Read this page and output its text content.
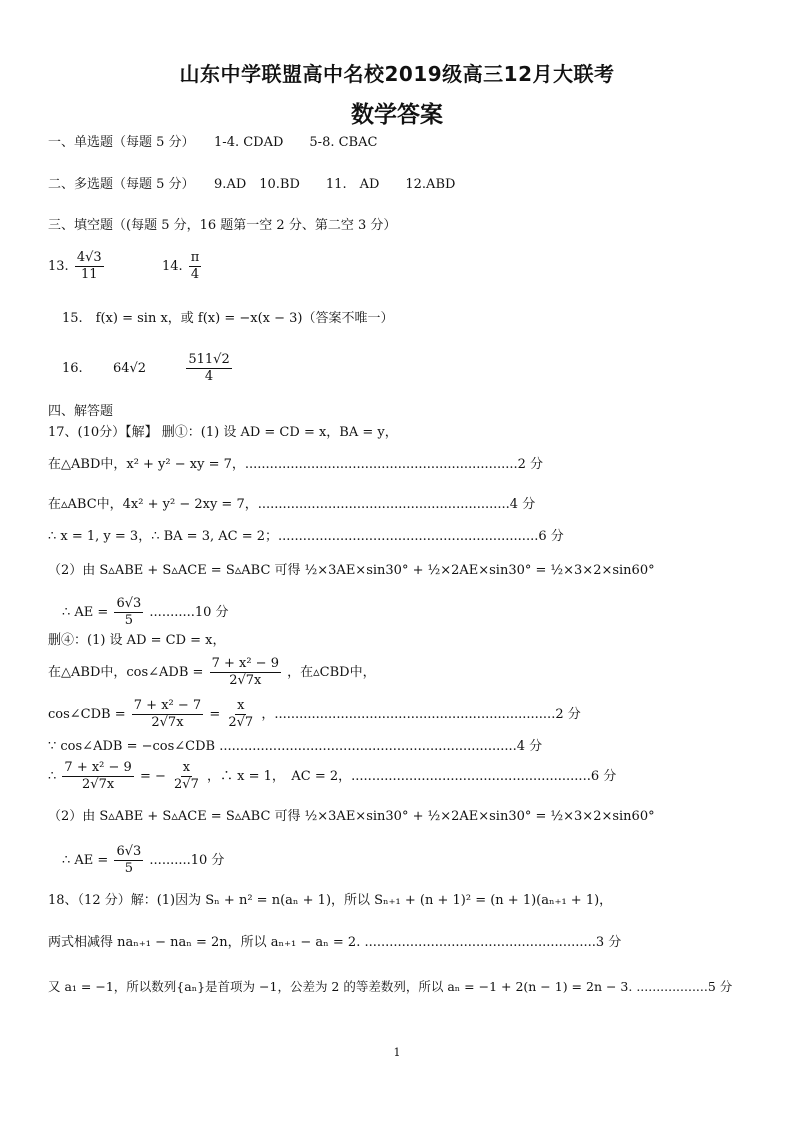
山东中学联盟高中名校2019级高三12月大联考
数学答案
一、单选题（每题 5 分）　　1-4. CDAD　　5-8. CBAC
二、多选题（每题 5 分）　　9.AD　10.BD　　11.　AD　　12.ABD
三、填空题（(每题 5 分，16 题第一空 2 分、第二空 3 分）
13. $\frac{4√3}{11}$	14. $\frac{\pi}{4}$
15.　f(x) = sin x，或 f(x) = −x(x − 3)（答案不唯一）
16. 64√2	$\frac{511√2}{4}$
四、解答题
17、(10分）【解】 删①：(1) 设 AD = CD = x，BA = y，
在△ABD中，x² + y² − xy = 7，..................................................................2 分
在▵ABC中，4x² + y² − 2xy = 7，.............................................................4 分
∴ x = 1, y = 3，∴ BA = 3, AC = 2；...............................................................6 分
（2）由 S▵ABE + S▵ACE = S▵ABC 可得 ½×3AE×sin30° + ½×2AE×sin30° = ½×3×2×sin60°
∴ AE = $\frac{6√3}{5} ...........10$ 分
删④：(1) 设 AD = CD = x，
在△ABD中，cos∠ADB = $\frac{\text{7 + x² − 9}}{2√7x}$ ，在▵CBD中，
cos∠CDB = $\frac{\text{7 + x² − 7}}{2√7x} = \frac{x}{2√7}$ ，....................................................................2 分
∵ cos∠ADB = −cos∠CDB ........................................................................4 分
∴ $\frac{\text{7 + x² − 9}}{2√7x}$ = − $\frac{x}{2√7}$ ，∴ x = 1，　AC = 2，..........................................................6 分
（2）由 S▵ABE + S▵ACE = S▵ABC 可得 ½×3AE×sin30° + ½×2AE×sin30° = ½×3×2×sin60°
∴ AE = $\frac{6√3}{5} ..........10$ 分
18、（12 分）解：(1)因为 Sₙ + n² = n(aₙ + 1)，所以 Sₙ₊₁ + (n + 1)² = (n + 1)(aₙ₊₁ + 1)，
两式相减得 naₙ₊₁ − naₙ = 2n，所以 aₙ₊₁ − aₙ = 2. ........................................................3 分
又 a₁ = −1，所以数列{aₙ}是首项为 −1，公差为 2 的等差数列，所以 aₙ = −1 + 2(n − 1) = 2n − 3. ..................5 分
1
